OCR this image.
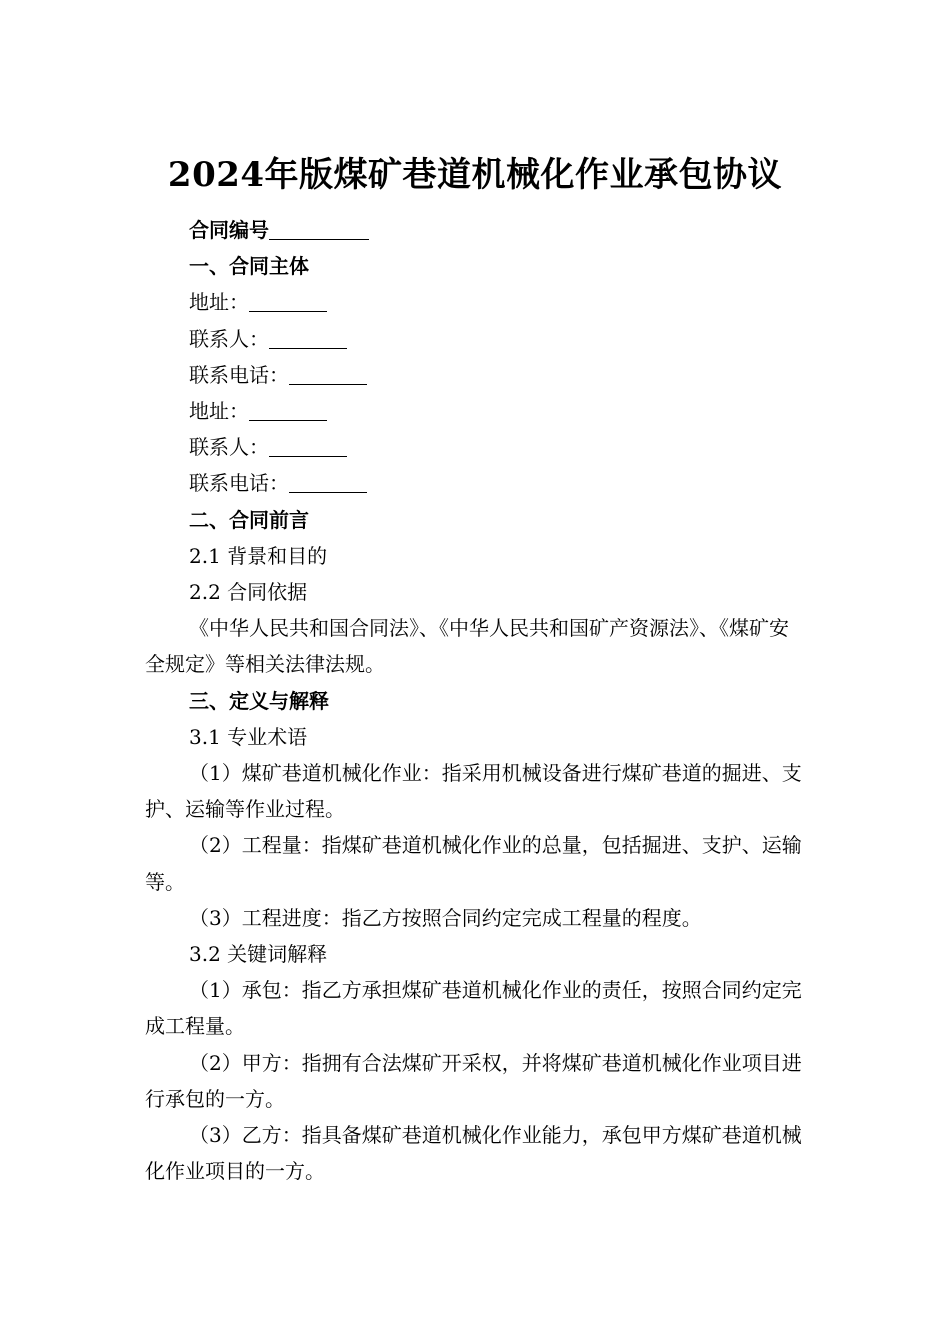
2024年版煤矿巷道机械化作业承包协议

合同编号

一、合同主体

地址：

联系人：

联系电话：

地址：

联系人：

联系电话：

二、合同前言

2.1 背景和目的

2.2 合同依据

《中华人民共和国合同法》、《中华人民共和国矿产资源法》、《煤矿安全规定》等相关法律法规。

三、定义与解释

3.1 专业术语

（1）煤矿巷道机械化作业：指采用机械设备进行煤矿巷道的掘进、支护、运输等作业过程。

（2）工程量：指煤矿巷道机械化作业的总量，包括掘进、支护、运输等。

（3）工程进度：指乙方按照合同约定完成工程量的程度。

3.2 关键词解释

（1）承包：指乙方承担煤矿巷道机械化作业的责任，按照合同约定完成工程量。

（2）甲方：指拥有合法煤矿开采权，并将煤矿巷道机械化作业项目进行承包的一方。

（3）乙方：指具备煤矿巷道机械化作业能力，承包甲方煤矿巷道机械化作业项目的一方。
